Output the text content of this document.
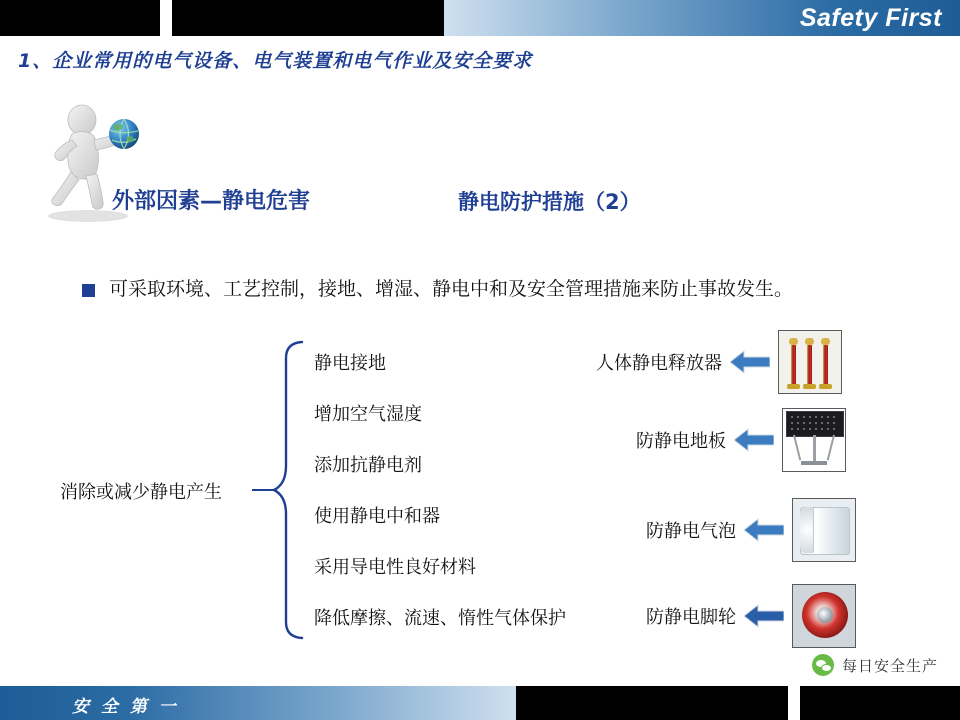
Safety First
1、企业常用的电气设备、电气装置和电气作业及安全要求
外部因素—静电危害	静电防护措施（2）
可采取环境、工艺控制，接地、增湿、静电中和及安全管理措施来防止事故发生。
消除或减少静电产生
静电接地
增加空气湿度
添加抗静电剂
使用静电中和器
采用导电性良好材料
降低摩擦、流速、惰性气体保护
人体静电释放器
防静电地板
防静电气泡
防静电脚轮
每日安全生产
安 全 第 一
